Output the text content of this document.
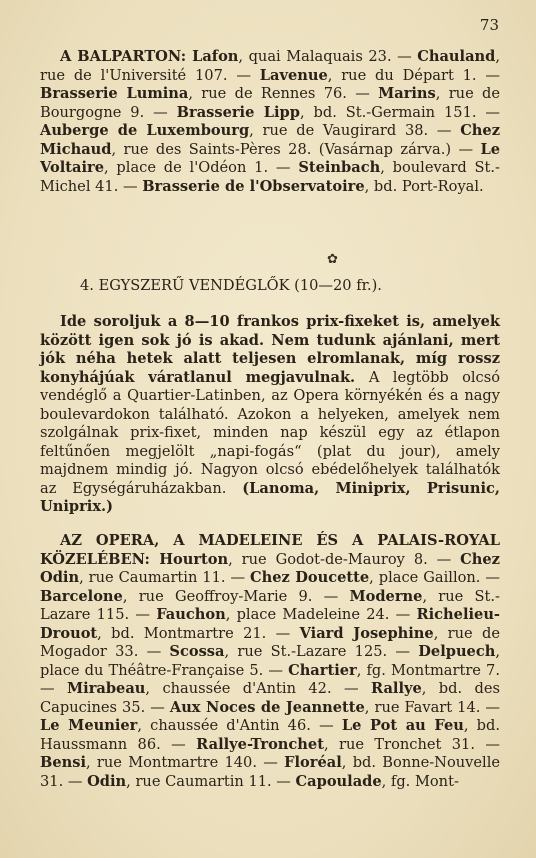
73

A BALPARTON: Lafon, quai Malaquais 23. — Chauland, rue de l'Université 107. — Lavenue, rue du Départ 1. — Brasserie Lumina, rue de Rennes 76. — Marins, rue de Bourgogne 9. — Brasserie Lipp, bd. St.-Germain 151. — Auberge de Luxembourg, rue de Vaugirard 38. — Chez Michaud, rue des Saints-Pères 28. (Vasárnap zárva.) — Le Voltaire, place de l'Odéon 1. — Steinbach, boulevard St.-Michel 41. — Brasserie de l'Observatoire, bd. Port-Royal.

✿

4. EGYSZERŰ VENDÉGLŐK (10—20 fr.).

Ide soroljuk a 8—10 frankos prix-fixeket is, amelyek között igen sok jó is akad. Nem tudunk ajánlani, mert jók néha hetek alatt teljesen elromlanak, míg rossz konyhájúak váratlanul megjavulnak. A legtöbb olcsó vendéglő a Quartier-Latinben, az Opera környékén és a nagy boulevardokon található. Azokon a helyeken, amelyek nem szolgálnak prix-fixet, minden nap készül egy az étlapon feltűnően megjelölt „napi-fogás“ (plat du jour), amely majdnem mindig jó. Nagyon olcsó ebédelőhelyek találhatók az Egységáruházakban. (Lanoma, Miniprix, Prisunic, Uniprix.)

AZ OPERA, A MADELEINE ÉS A PALAIS-ROYAL KÖZELÉBEN: Hourton, rue Godot-de-Mauroy 8. — Chez Odin, rue Caumartin 11. — Chez Doucette, place Gaillon. — Barcelone, rue Geoffroy-Marie 9. — Moderne, rue St.-Lazare 115. — Fauchon, place Madeleine 24. — Richelieu-Drouot, bd. Montmartre 21. — Viard Josephine, rue de Mogador 33. — Scossa, rue St.-Lazare 125. — Delpuech, place du Théâtre-Française 5. — Chartier, fg. Montmartre 7. — Mirabeau, chaussée d'Antin 42. — Rallye, bd. des Capucines 35. — Aux Noces de Jeannette, rue Favart 14. — Le Meunier, chaussée d'Antin 46. — Le Pot au Feu, bd. Haussmann 86. — Rallye-Tronchet, rue Tronchet 31. — Bensi, rue Montmartre 140. — Floréal, bd. Bonne-Nouvelle 31. — Odin, rue Caumartin 11. — Capoulade, fg. Mont-
